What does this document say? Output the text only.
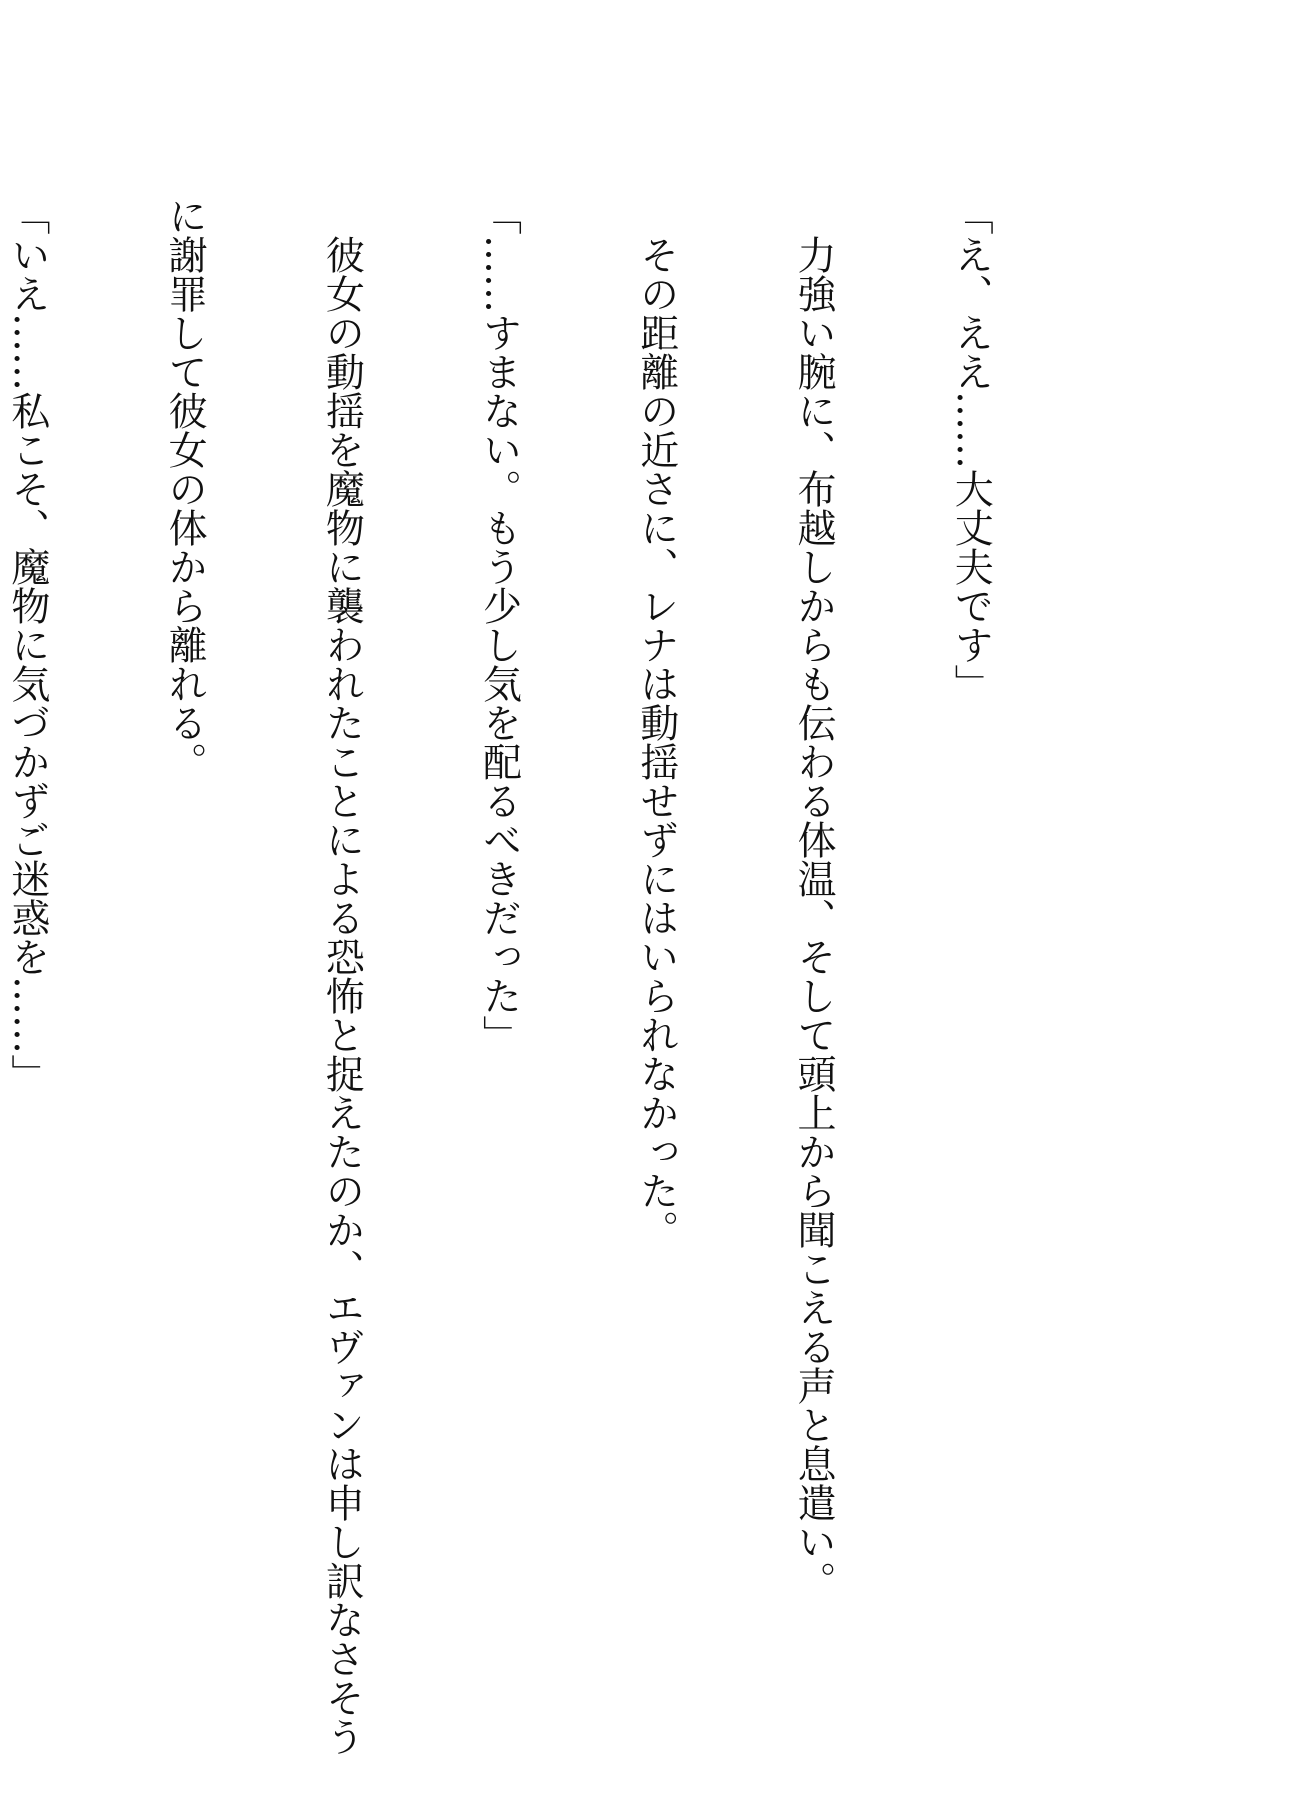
「え、ええ……大丈夫です」

　力強い腕に、布越しからも伝わる体温、そして頭上から聞こえる声と息遣い。

　その距離の近さに、レナは動揺せずにはいられなかった。

「……すまない。もう少し気を配るべきだった」

　彼女の動揺を魔物に襲われたことによる恐怖と捉えたのか、エヴァンは申し訳なさそう

に謝罪して彼女の体から離れる。

「いえ……私こそ、魔物に気づかずご迷惑を……」
